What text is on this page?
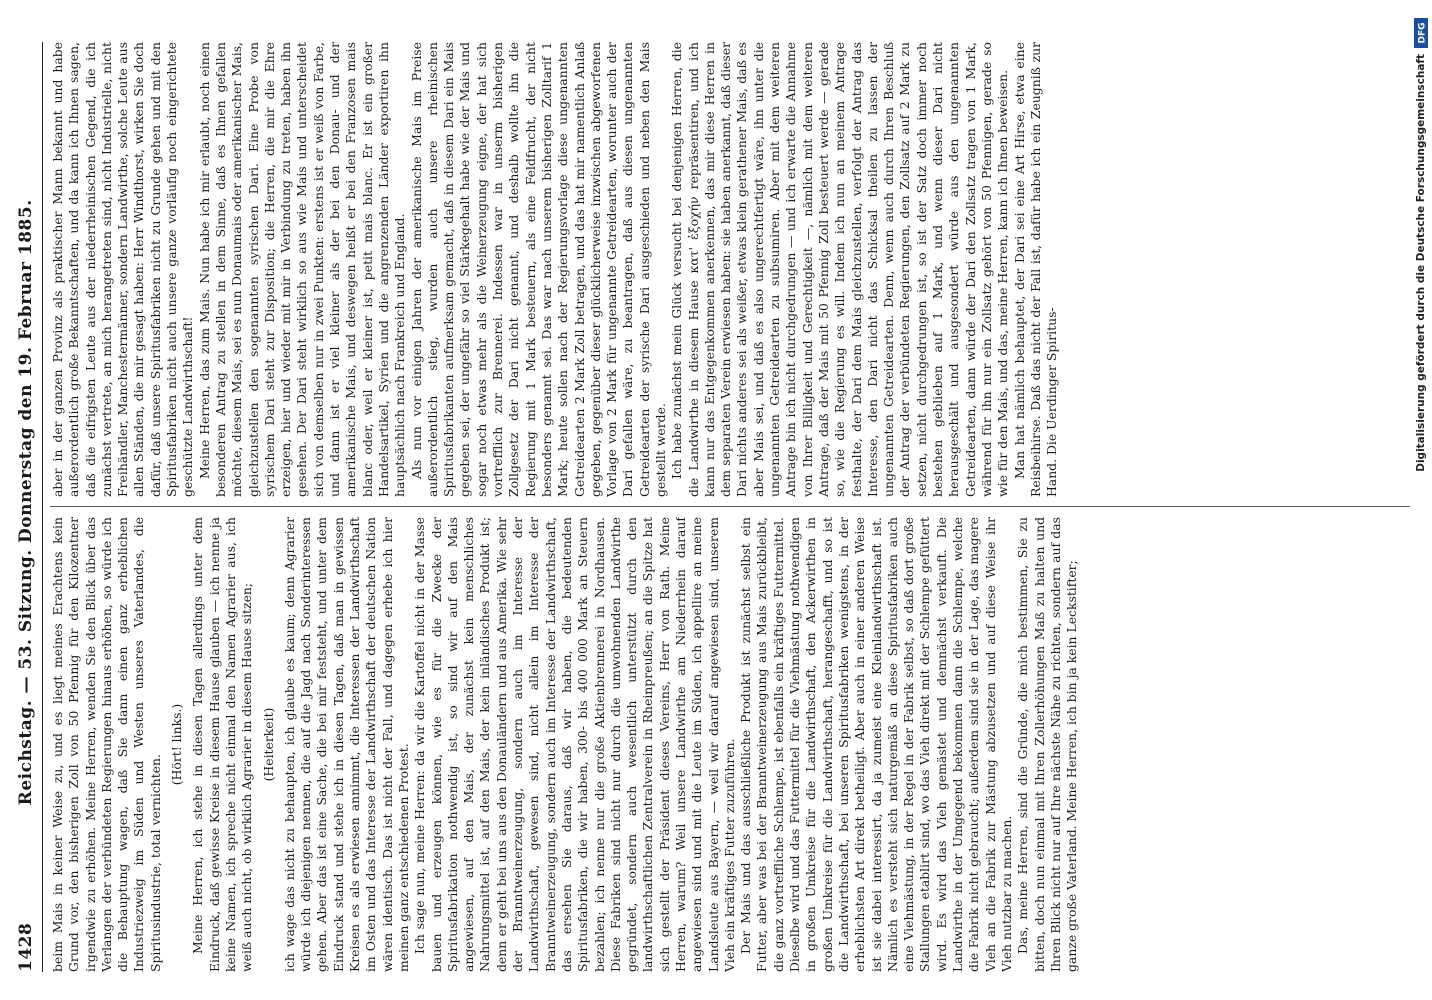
1428
Reichstag. — 53. Sitzung. Donnerstag den 19. Februar 1885. beim Mais in keiner Weise zu, und es liegt meines Erachtens kein Grund vor, den bisherigen Zoll von 50 Pfennig für den Kilozentner irgendwie zu erhöhen. Meine Herren, wenden Sie den Blick über das Verlangen der verbündeten Regierungen hinaus erhöhen, so würde ich die Behauptung wagen, daß Sie dann einen ganz erheblichen Industriezweig im Süden und Westen unseres Vaterlandes, die Spiritusindustrie, total vernichten.

(Hört! links.) Meine Herren, ich stehe in diesen Tagen allerdings unter dem Eindruck, daß gewisse Kreise in diesem Hause glauben — ich nenne ja keine Namen, ich spreche nicht einmal den Namen Agrarier aus, ich weiß auch nicht, ob wirklich Agrarier in diesem Hause sitzen; (Heiterkeit) ich wage das nicht zu behaupten, ich glaube es kaum; denn Agrarier würde ich diejenigen nennen, die auf die Jagd nach Sonderinteressen gehen. Aber das ist eine Sache, die bei mir feststeht, und unter dem Eindruck stand und stehe ich in diesen Tagen, daß man in gewissen Kreisen es als erwiesen annimmt, die Interessen der Landwirthschaft im Osten und das Interesse der Landwirthschaft der deutschen Nation wären identisch. Das ist nicht der Fall, und dagegen erhebe ich hier meinen ganz entschiedenen Protest. Ich sage nun, meine Herren: da wir die Kartoffel nicht in der Masse bauen und erzeugen können, wie es für die Zwecke der Spiritusfabrikation nothwendig ist, so sind wir auf den Mais angewiesen, auf den Mais, der zunächst kein menschliches Nahrungsmittel ist, auf den Mais, der kein inländisches Produkt ist; denn er geht bei uns aus den Donauländern und aus Amerika. Wie sehr der Branntweinerzeugung, sondern auch im Interesse der Landwirthschaft, gewesen sind, nicht allein im Interesse der Branntweinerzeugung, sondern auch im Interesse der Landwirthschaft, das ersehen Sie daraus, daß wir haben, die bedeutenden Spiritusfabriken, die wir haben, 300- bis 400 000 Mark an Steuern bezahlen; ich nenne nur die große Aktienbrennerei in Nordhausen. Diese Fabriken sind nicht nur durch die umwohnenden Landwirthe gegründet, sondern auch wesentlich unterstützt durch den landwirthschaftlichen Zentralverein in Rheinpreußen; an die Spitze hat sich gestellt der Präsident dieses Vereins, Herr von Rath. Meine Herren, warum? Weil unsere Landwirthe am Niederrhein darauf angewiesen sind und mit die Leute im Süden, ich appellire an meine Landsleute aus Bayern, — weil wir darauf angewiesen sind, unserem Vieh ein kräftiges Futter zuzuführen. Der Mais und das ausschließliche Produkt ist zunächst selbst ein Futter, aber was bei der Branntweinerzeugung aus Mais zurückbleibt, die ganz vortreffliche Schlempe, ist ebenfalls ein kräftiges Futtermittel. Dieselbe wird und das Futtermittel für die Viehmästung nothwendigen in großen Umkreise für die Landwirthschaft, den Ackerwirthen in großen Umkreise für die Landwirthschaft, herangeschafft, und so ist die Landwirthschaft, bei unseren Spiritusfabriken wenigstens, in der erheblichsten Art direkt betheiligt. Aber auch in einer anderen Weise ist sie dabei interessirt, da ja zumeist eine Kleinlandwirthschaft ist. Nämlich es versteht sich naturgemäß an diese Spiritusfabriken auch eine Viehmästung, in der Regel in der Fabrik selbst, so daß dort große Stallungen etablirt sind, wo das Vieh direkt mit der Schlempe gefüttert wird. Es wird das Vieh gemästet und demnächst verkauft. Die Landwirthe in der Umgegend bekommen dann die Schlempe, welche die Fabrik nicht gebraucht; außerdem sind sie in der Lage, das magere Vieh an die Fabrik zur Mästung abzusetzen und auf diese Weise ihr Vieh nutzbar zu machen. Das, meine Herren, sind die Gründe, die mich bestimmen, Sie zu bitten, doch nun einmal mit Ihren Zollerhöhungen Maß zu halten und Ihren Blick nicht nur auf Ihre nächste Nähe zu richten, sondern auf das ganze große Vaterland. Meine Herren, ich bin ja kein Leckstifter;

aber in der ganzen Provinz als praktischer Mann bekannt und habe außerordentlich große Bekanntschaften, und da kann ich Ihnen sagen, daß die eifrigsten Leute aus der niederrheinischen Gegend, die ich zunächst vertrete, an mich herangetreten sind, nicht Industrielle, nicht Freihändler, Manchestermänner, sondern Landwirthe, solche Leute aus allen Ständen, die mir gesagt haben: Herr Windthorst, wirken Sie doch dafür, daß unsere Spiritusfabriken nicht zu Grunde gehen und mit den Spiritusfabriken nicht auch unsere ganze vorläufig noch eingerichtete geschützte Landwirthschaft! Meine Herren, das zum Mais. Nun habe ich mir erlaubt, noch einen besonderen Antrag zu stellen in dem Sinne, daß es Ihnen gefallen möchte, diesem Mais, sei es nun Donaumais oder amerikanischer Mais, gleichzustellen den sogenannten syrischen Dari. Eine Probe von syrischem Dari steht zur Disposition; die Herren, die mir die Ehre erzeigen, hier und wieder mit mir in Verbindung zu treten, haben ihn gesehen. Der Dari steht wirklich so aus wie Mais und unterscheidet sich von demselben nur in zwei Punkten: erstens ist er weiß von Farbe, und dann ist er viel kleiner als der bei den Donau- und der amerikanische Mais, und deswegen heißt er bei den Franzosen mais blanc oder, weil er kleiner ist, petit mais blanc. Er ist ein großer Handelsartikel, Syrien und die angrenzenden Länder exportiren ihn hauptsächlich nach Frankreich und England. Als nun vor einigen Jahren der amerikanische Mais im Preise außerordentlich stieg, wurden auch unsere rheinischen Spiritusfabrikanten aufmerksam gemacht, daß in diesem Dari ein Mais gegeben sei, der ungefähr so viel Stärkegehalt habe wie der Mais und sogar noch etwas mehr als die Weinerzeugung eigne, der hat sich vortrefflich zur Brennerei. Indessen war in unserm bisherigen Zollgesetz der Dari nicht genannt, und deshalb wollte ihn die Regierung mit 1 Mark besteuern, als eine Feldfrucht, der nicht besonders genannt sei. Das war nach unserem bisherigen Zolltarif 1 Mark; heute sollen nach der Regierungsvorlage diese ungenannten Getreidearten 2 Mark Zoll betragen, und das hat mir namentlich Anlaß gegeben, gegenüber dieser glücklicherweise inzwischen abgeworfenen Vorlage von 2 Mark für ungenannte Getreidearten, worunter auch der Dari gefallen wäre, zu beantragen, daß aus diesen ungenannten Getreidearten der syrische Dari ausgeschieden und neben den Mais gestellt werde. Ich habe zunächst mein Glück versucht bei denjenigen Herren, die die Landwirthe in diesem Hause κατ' ἐξοχήν repräsentiren, und ich kann nur das Entgegenkommen anerkennen, das mir diese Herren in dem separaten Verein erwiesen haben: sie haben anerkannt, daß dieser Dari nichts anderes sei als weißer, etwas klein gerathener Mais, daß es aber Mais sei, und daß es also ungerechtfertigt wäre, ihn unter die ungenannten Getreidearten zu subsumiren. Aber mit dem weiteren Antrage bin ich nicht durchgedrungen — und ich erwarte die Annahme von Ihrer Billigkeit und Gerechtigkeit —, nämlich mit dem weiteren Antrage, daß der Mais mit 50 Pfennig Zoll besteuert werde — gerade so, wie die Regierung es will. Indem ich nun an meinem Antrage festhalte, der Dari dem Mais gleichzustellen, verfolgt der Antrag das Interesse, den Dari nicht das Schicksal theilen zu lassen der ungenannten Getreidearten. Denn, wenn auch durch Ihren Beschluß der Antrag der verbündeten Regierungen, den Zollsatz auf 2 Mark zu setzen, nicht durchgedrungen ist, so ist der Satz doch immer noch bestehen geblieben auf 1 Mark, und wenn dieser Dari nicht herausgeschält und ausgesondert würde aus den ungenannten Getreidearten, dann würde der Dari den Zollsatz tragen von 1 Mark, während für ihn nur ein Zollsatz gehört von 50 Pfennigen, gerade so wie für den Mais, und das, meine Herren, kann ich Ihnen beweisen. Man hat nämlich behauptet, der Dari sei eine Art Hirse, etwa eine Reisbeihirse. Daß das nicht der Fall ist, dafür habe ich ein Zeugniß zur Hand. Die Uerdinger Spiritus-	Digitalisierung gefördert durch die Deutsche Forschungsgemeinschaft
DFG
